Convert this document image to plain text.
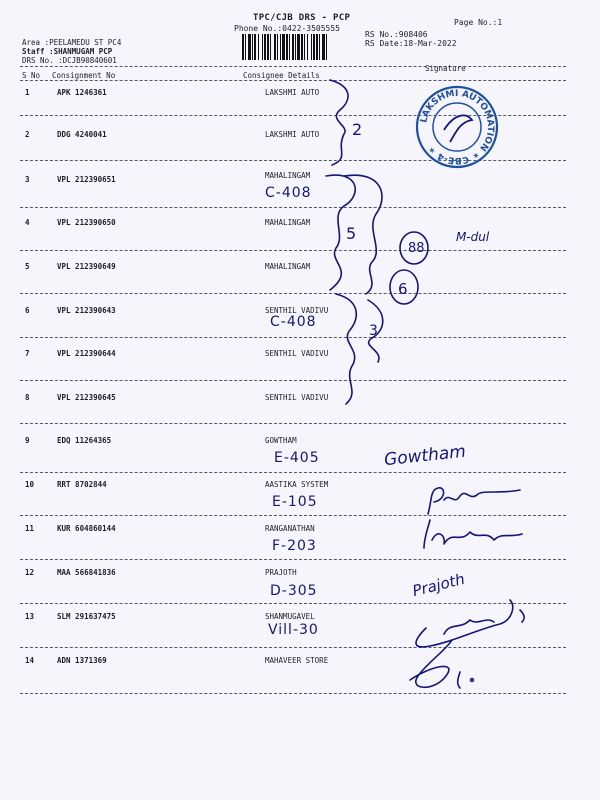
TPC/CJB DRS - PCP
Phone No.:0422-3505555
Page No.:1
RS No.:908406
RS Date:18-Mar-2022
Area :PEELAMEDU ST PC4
Staff :SHANMUGAM PCP
DRS No. :DCJB90840601
S No Consignment No	Consignee Details
Signature
1	APK 1246361	LAKSHMI AUTO
2	DDG 4240041	LAKSHMI AUTO
3	VPL 212390651	MAHALINGAM
4	VPL 212390650	MAHALINGAM
5	VPL 212390649	MAHALINGAM
6	VPL 212390643	SENTHIL VADIVU
7	VPL 212390644	SENTHIL VADIVU
8	VPL 212390645	SENTHIL VADIVU
9	EDQ 11264365	GOWTHAM
10	RRT 8702844	AASTIKA SYSTEM
11	KUR 604860144	RANGANATHAN
12	MAA 566841836	PRAJOTH
13	SLM 291637475	SHANMUGAVEL
14	ADN 1371369	MAHAVEER STORE
C-408
C-408
E-405
E-105
F-203
D-305
Vill-30
2
5
3
88
6
M-dul
Gowtham
Prajoth
LAKSHMI AUTOMATION ✶ CBE-4 ✶
